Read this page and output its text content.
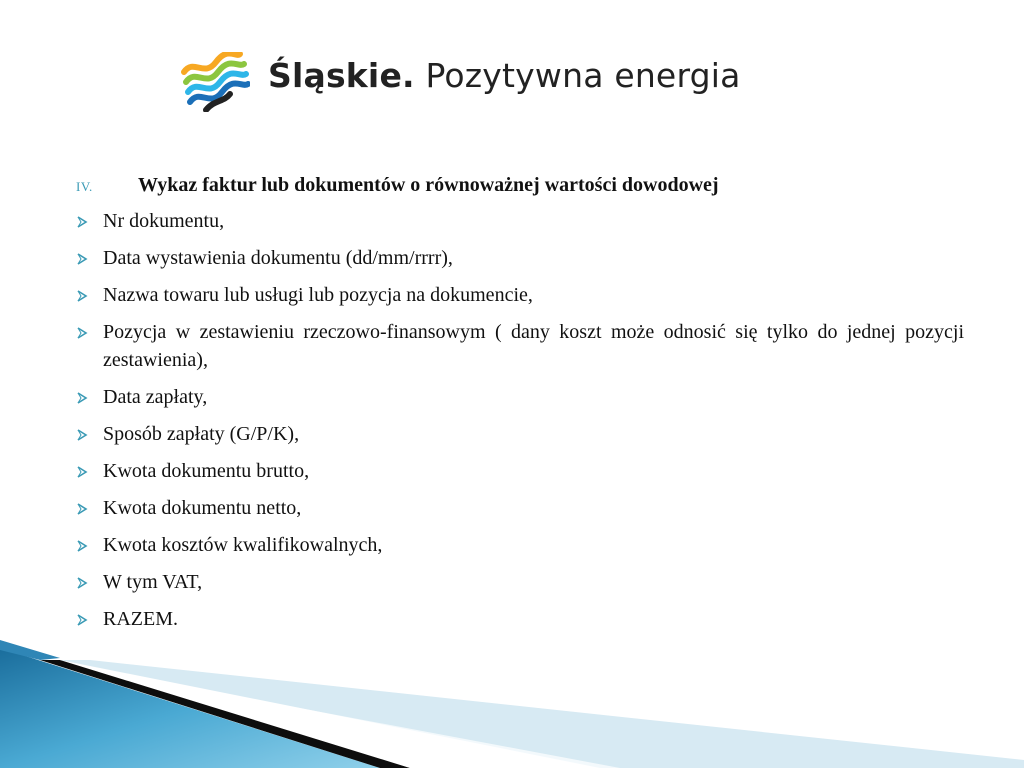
Śląskie. Pozytywna energia
IV.	Wykaz faktur lub dokumentów o równoważnej wartości dowodowej
Nr dokumentu,
Data wystawienia dokumentu (dd/mm/rrrr),
Nazwa towaru lub usługi lub pozycja na dokumencie,
Pozycja w zestawieniu rzeczowo-finansowym ( dany koszt może odnosić się tylko do jednej pozycji zestawienia),
Data zapłaty,
Sposób zapłaty (G/P/K),
Kwota dokumentu brutto,
Kwota dokumentu netto,
Kwota kosztów kwalifikowalnych,
W tym VAT,
RAZEM.
